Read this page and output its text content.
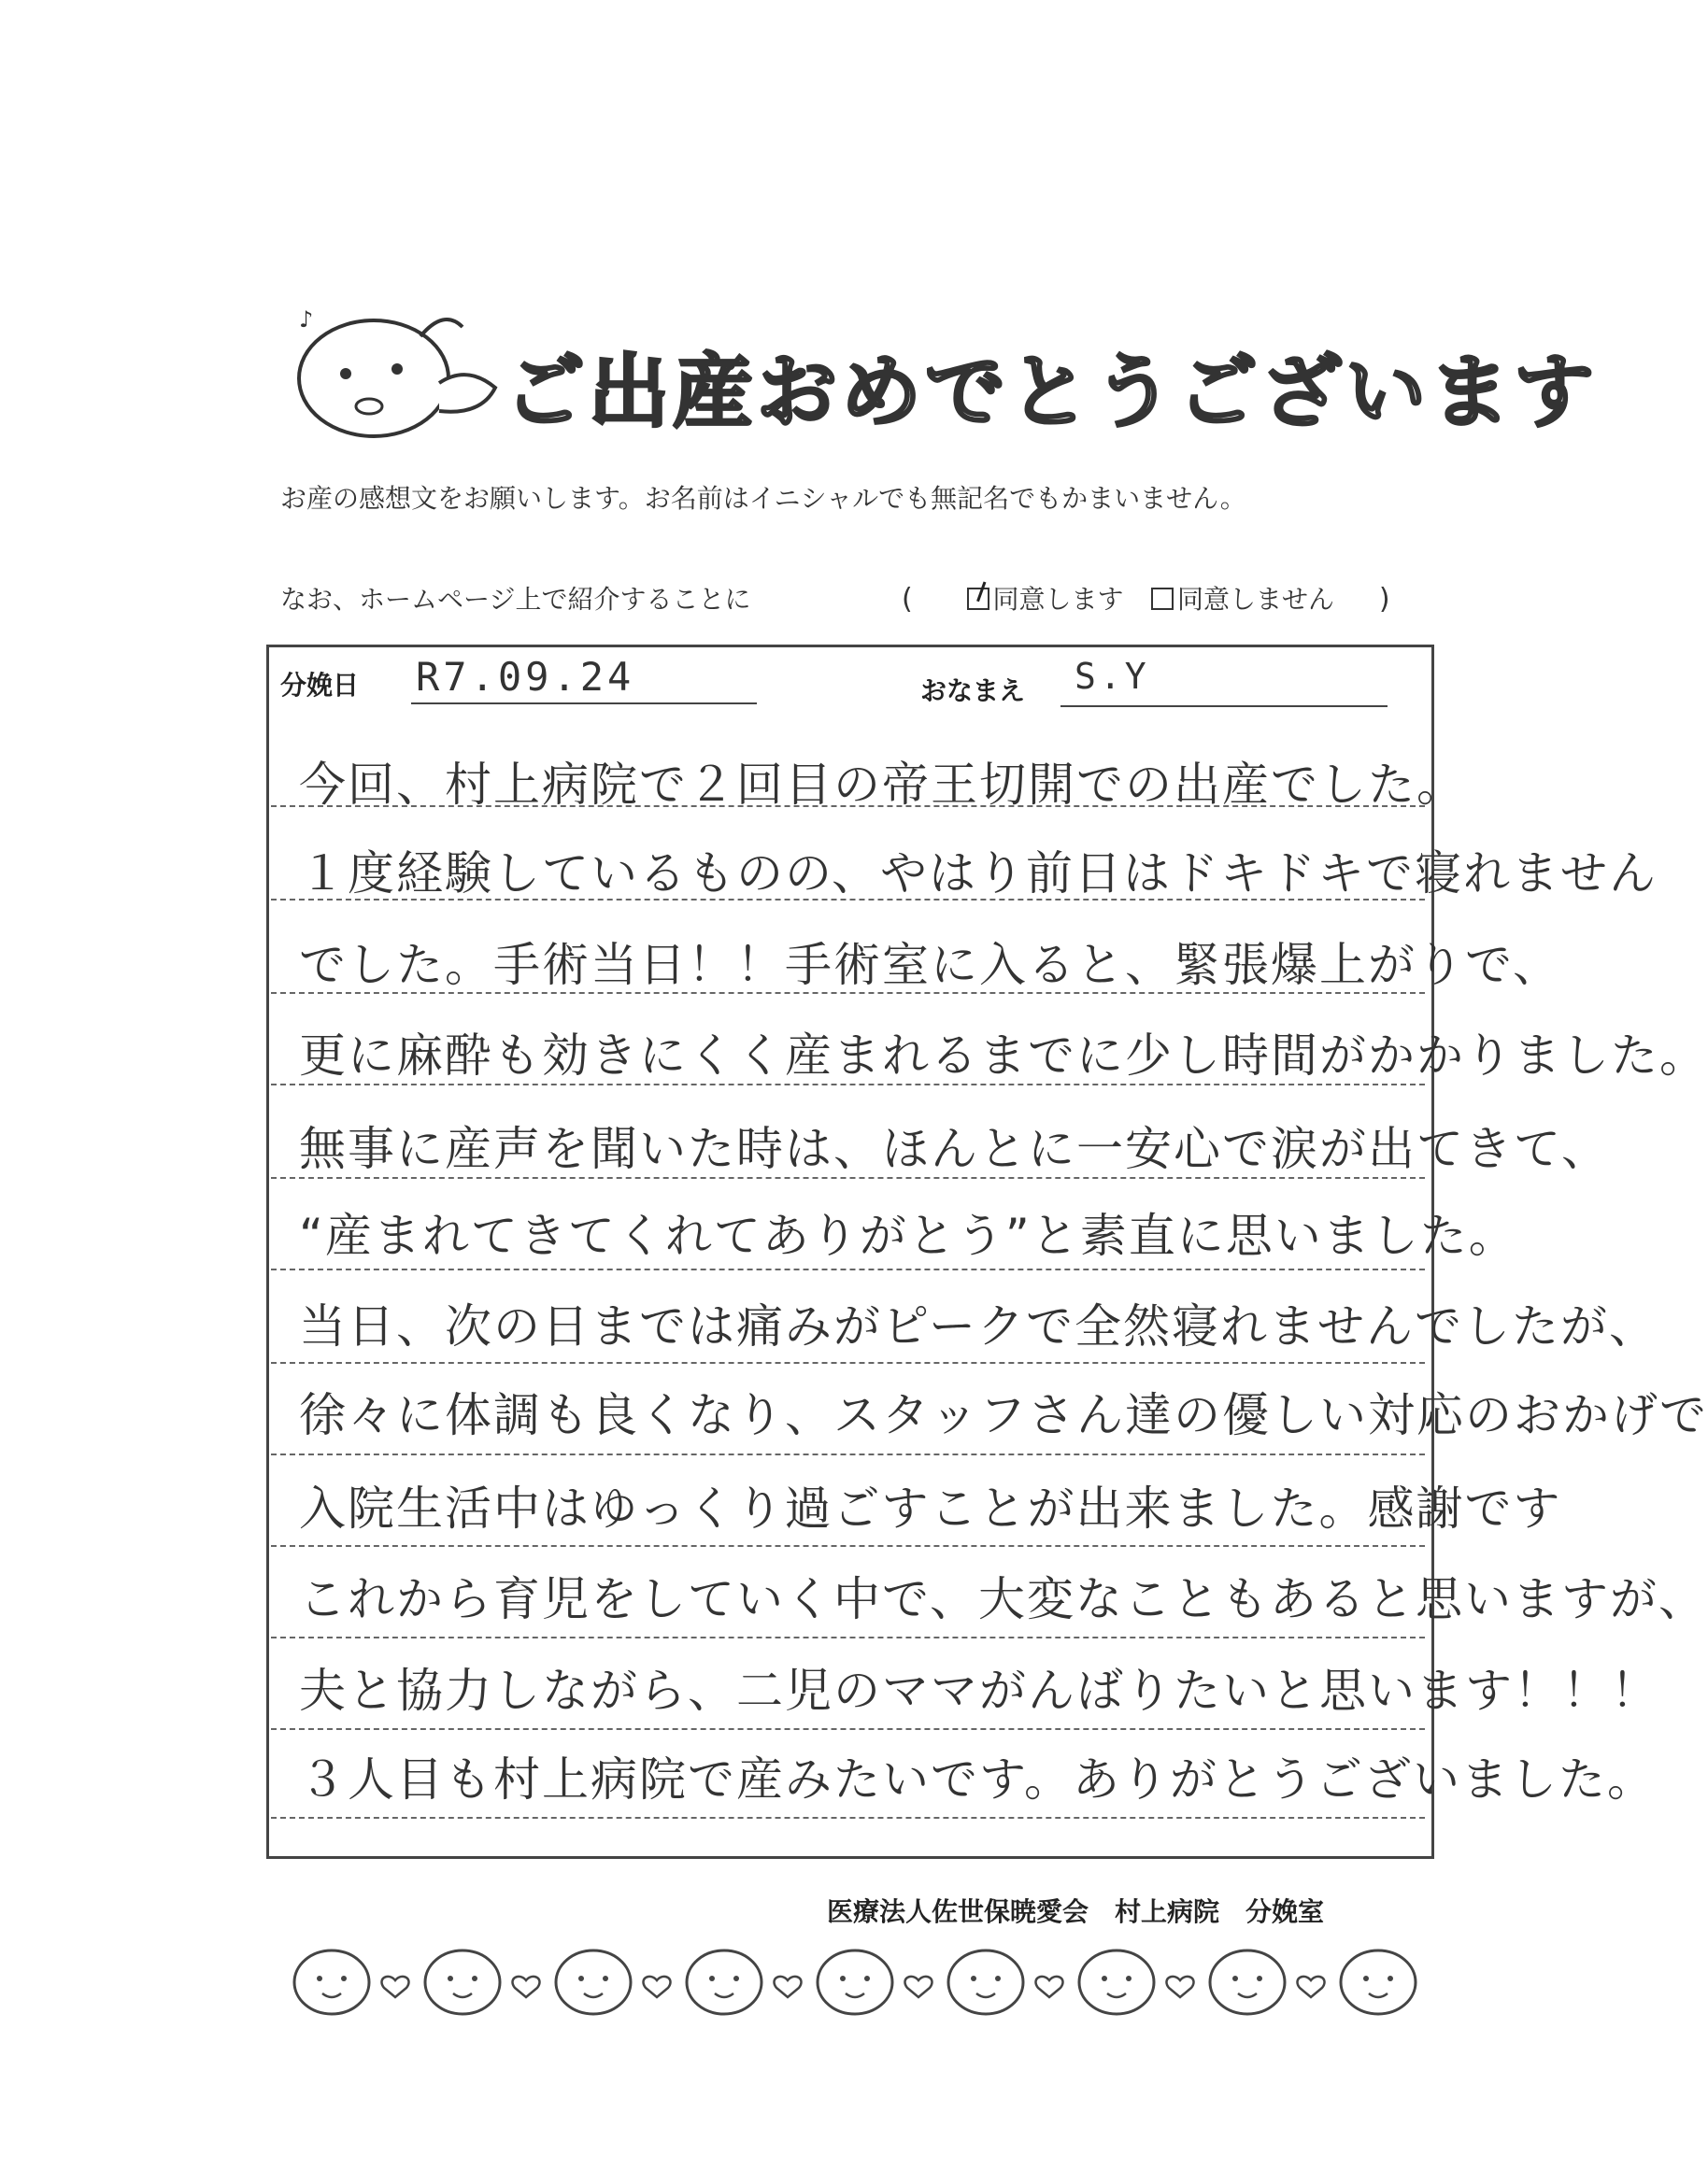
♪
ご出産おめでとうございます
お産の感想文をお願いします。お名前はイニシャルでも無記名でもかまいません。
なお、ホームページ上で紹介することに	(	同意します	同意しません )
分娩日 R7.09.24	おなまえ S.Y
今回、村上病院で２回目の帝王切開での出産でした。
１度経験しているものの、やはり前日はドキドキで寝れません
でした。手術当日！！手術室に入ると、緊張爆上がりで、
更に麻酔も効きにくく産まれるまでに少し時間がかかりました。
無事に産声を聞いた時は、ほんとに一安心で涙が出てきて、
“産まれてきてくれてありがとう”と素直に思いました。
当日、次の日までは痛みがピークで全然寝れませんでしたが、
徐々に体調も良くなり、スタッフさん達の優しい対応のおかげで
入院生活中はゆっくり過ごすことが出来ました。感謝です
これから育児をしていく中で、大変なこともあると思いますが、
夫と協力しながら、二児のママがんばりたいと思います！！！
３人目も村上病院で産みたいです。ありがとうございました。
医療法人佐世保暁愛会　村上病院　分娩室
